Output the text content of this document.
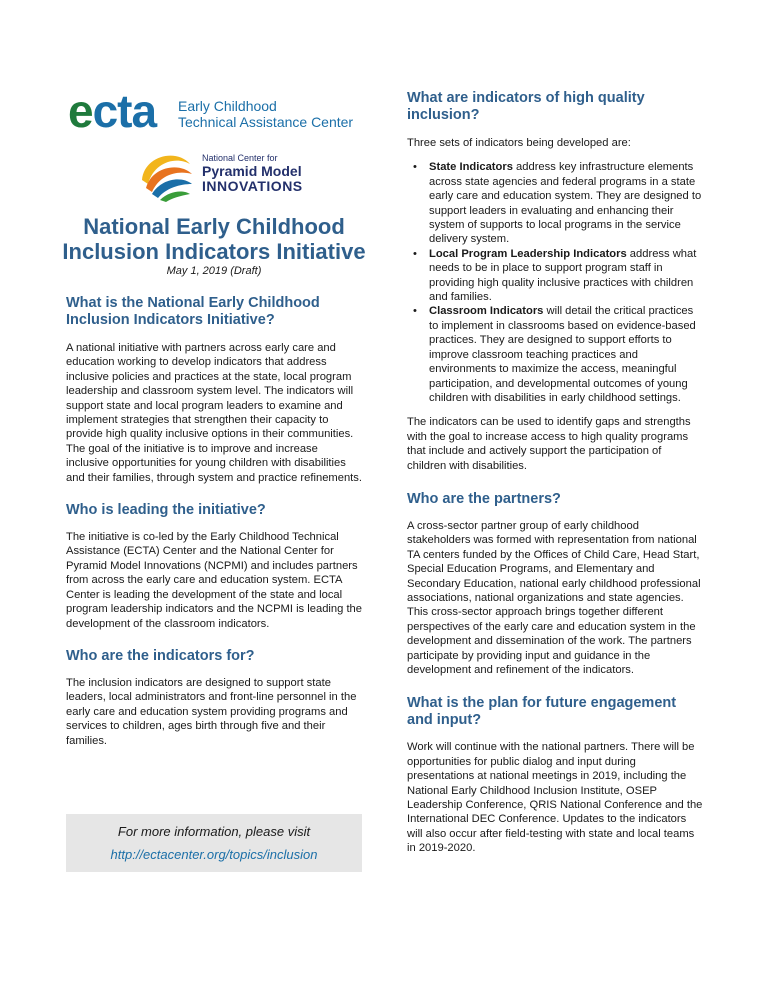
ecta Early Childhood
Technical Assistance Center
National Center for
Pyramid Model
INNOVATIONS
National Early Childhood
Inclusion Indicators Initiative
May 1, 2019 (Draft)
What is the National Early Childhood Inclusion Indicators Initiative?

A national initiative with partners across early care and education working to develop indicators that address inclusive policies and practices at the state, local program leadership and classroom system level. The indicators will support state and local program leaders to examine and implement strategies that strengthen their capacity to provide high quality inclusive options in their communities. The goal of the initiative is to improve and increase inclusive opportunities for young children with disabilities and their families, through system and practice refinements.

Who is leading the initiative?

The initiative is co-led by the Early Childhood Technical Assistance (ECTA) Center and the National Center for Pyramid Model Innovations (NCPMI) and includes partners from across the early care and education system. ECTA Center is leading the development of the state and local program leadership indicators and the NCPMI is leading the development of the classroom indicators.

Who are the indicators for?

The inclusion indicators are designed to support state leaders, local administrators and front-line personnel in the early care and education system providing programs and services to children, ages birth through five and their families.

For more information, please visit
http://ectacenter.org/topics/inclusion
What are indicators of high quality inclusion?

Three sets of indicators being developed are:

• State Indicators address key infrastructure elements across state agencies and federal programs in a state early care and education system. They are designed to support leaders in evaluating and enhancing their system of supports to local programs in the service delivery system.
• Local Program Leadership Indicators address what needs to be in place to support program staff in providing high quality inclusive practices with children and families.
• Classroom Indicators will detail the critical practices to implement in classrooms based on evidence-based practices. They are designed to support efforts to improve classroom teaching practices and environments to maximize the access, meaningful participation, and developmental outcomes of young children with disabilities in early childhood settings.

The indicators can be used to identify gaps and strengths with the goal to increase access to high quality programs that include and actively support the participation of children with disabilities.

Who are the partners?

A cross-sector partner group of early childhood stakeholders was formed with representation from national TA centers funded by the Offices of Child Care, Head Start, Special Education Programs, and Elementary and Secondary Education, national early childhood professional associations, national organizations and state agencies. This cross-sector approach brings together different perspectives of the early care and education system in the development and dissemination of the work. The partners participate by providing input and guidance in the development and refinement of the indicators.

What is the plan for future engagement and input?

Work will continue with the national partners. There will be opportunities for public dialog and input during presentations at national meetings in 2019, including the National Early Childhood Inclusion Institute, OSEP Leadership Conference, QRIS National Conference and the International DEC Conference. Updates to the indicators will also occur after field-testing with state and local teams in 2019-2020.
